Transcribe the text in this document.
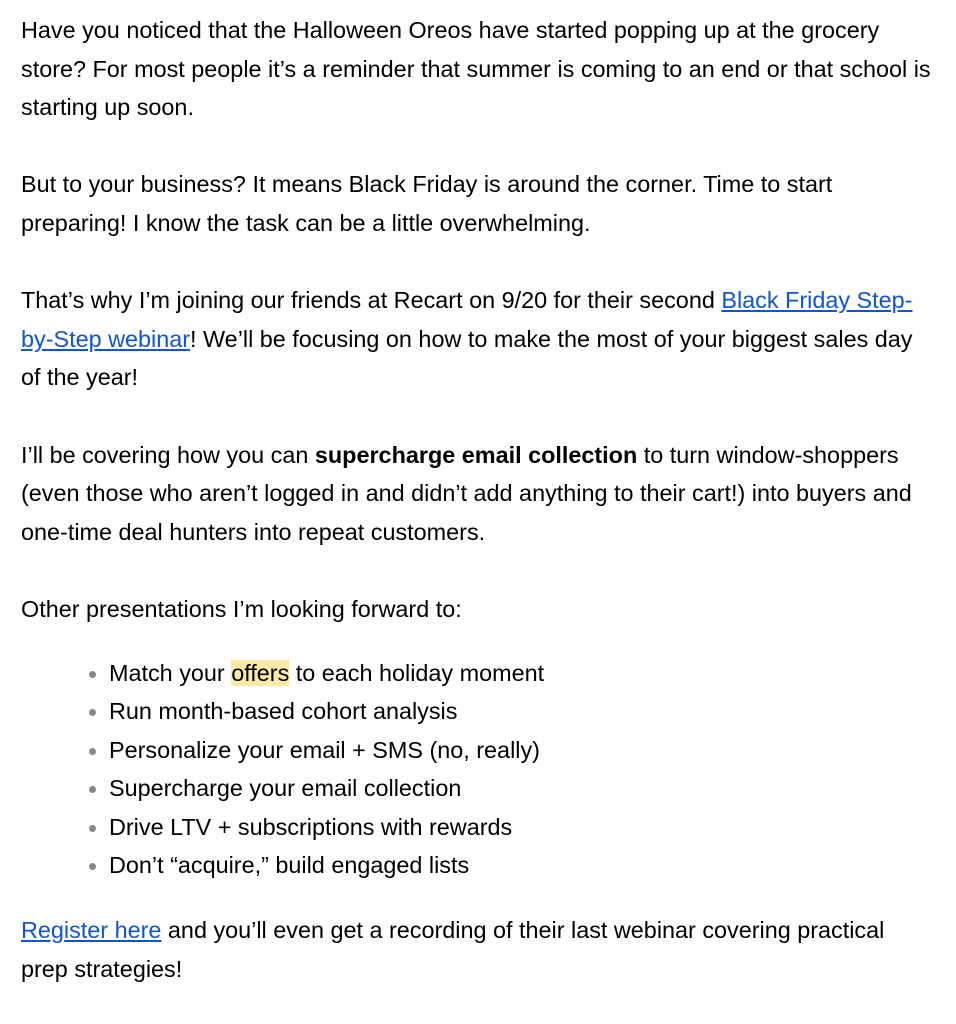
Have you noticed that the Halloween Oreos have started popping up at the grocery store? For most people it’s a reminder that summer is coming to an end or that school is starting up soon.

But to your business? It means Black Friday is around the corner. Time to start preparing! I know the task can be a little overwhelming.

That’s why I’m joining our friends at Recart on 9/20 for their second Black Friday Step-by-Step webinar! We’ll be focusing on how to make the most of your biggest sales day of the year!

I’ll be covering how you can supercharge email collection to turn window-shoppers (even those who aren’t logged in and didn’t add anything to their cart!) into buyers and one-time deal hunters into repeat customers.

Other presentations I’m looking forward to:

Match your offers to each holiday moment
Run month-based cohort analysis
Personalize your email + SMS (no, really)
Supercharge your email collection
Drive LTV + subscriptions with rewards
Don’t “acquire,” build engaged lists

Register here and you’ll even get a recording of their last webinar covering practical prep strategies!
